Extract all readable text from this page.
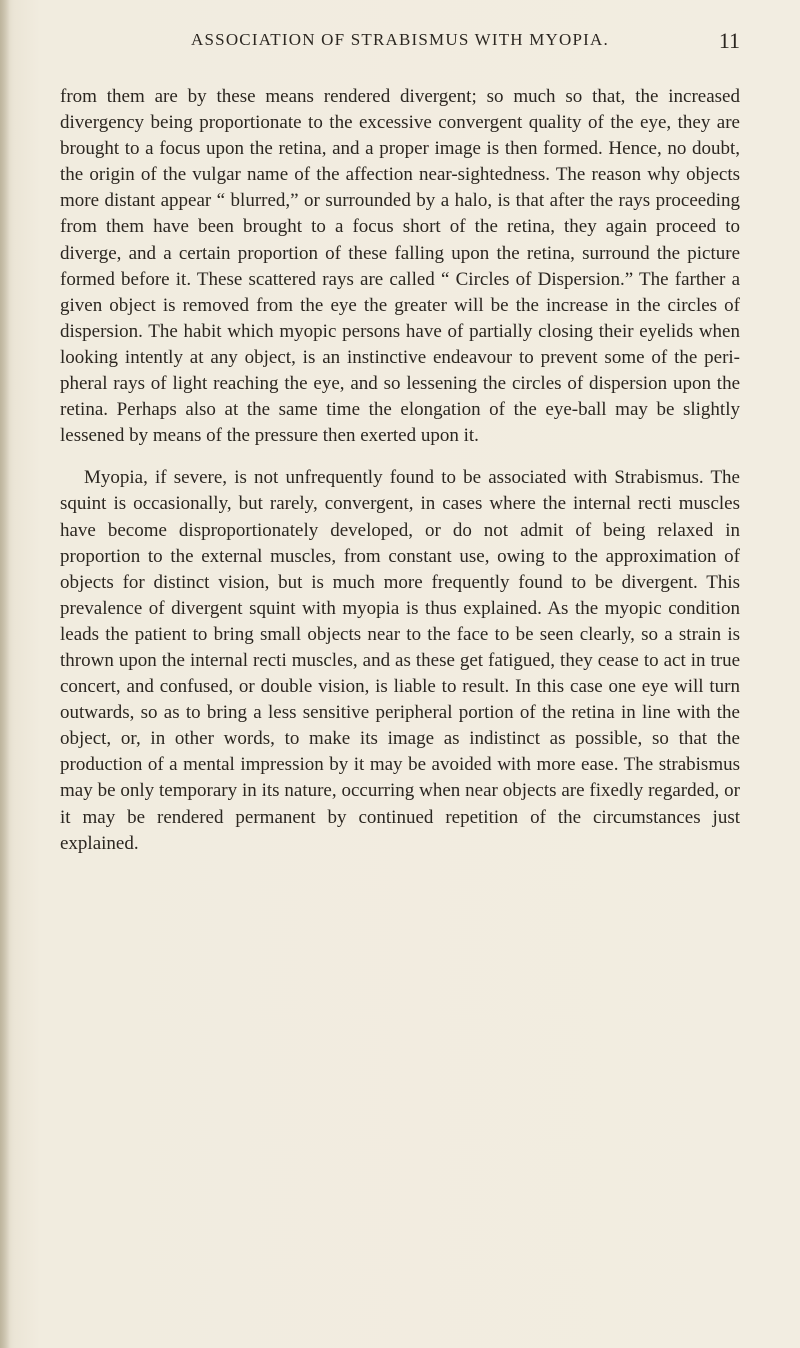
ASSOCIATION OF STRABISMUS WITH MYOPIA.	11

from them are by these means rendered divergent; so much so that, the increased divergency being proportionate to the excessive convergent quality of the eye, they are brought to a focus upon the retina, and a proper image is then formed. Hence, no doubt, the origin of the vulgar name of the affection near-sightedness. The reason why objects more distant appear “ blurred,” or surrounded by a halo, is that after the rays proceeding from them have been brought to a focus short of the retina, they again proceed to diverge, and a certain proportion of these falling upon the retina, surround the picture formed before it. These scattered rays are called “ Circles of Dispersion.” The farther a given object is removed from the eye the greater will be the increase in the circles of dispersion. The habit which myopic persons have of partially closing their eyelids when looking intently at any object, is an instinctive endeavour to prevent some of the peripheral rays of light reaching the eye, and so lessening the circles of dispersion upon the retina. Perhaps also at the same time the elongation of the eye-ball may be slightly lessened by means of the pressure then exerted upon it.

Myopia, if severe, is not unfrequently found to be associated with Strabismus. The squint is occasionally, but rarely, convergent, in cases where the internal recti muscles have become disproportionately developed, or do not admit of being relaxed in proportion to the external muscles, from constant use, owing to the approximation of objects for distinct vision, but is much more frequently found to be divergent. This prevalence of divergent squint with myopia is thus explained. As the myopic condition leads the patient to bring small objects near to the face to be seen clearly, so a strain is thrown upon the internal recti muscles, and as these get fatigued, they cease to act in true concert, and confused, or double vision, is liable to result. In this case one eye will turn outwards, so as to bring a less sensitive peripheral portion of the retina in line with the object, or, in other words, to make its image as indistinct as possible, so that the production of a mental impression by it may be avoided with more ease. The strabismus may be only temporary in its nature, occurring when near objects are fixedly regarded, or it may be rendered permanent by continued repetition of the circumstances just explained.
